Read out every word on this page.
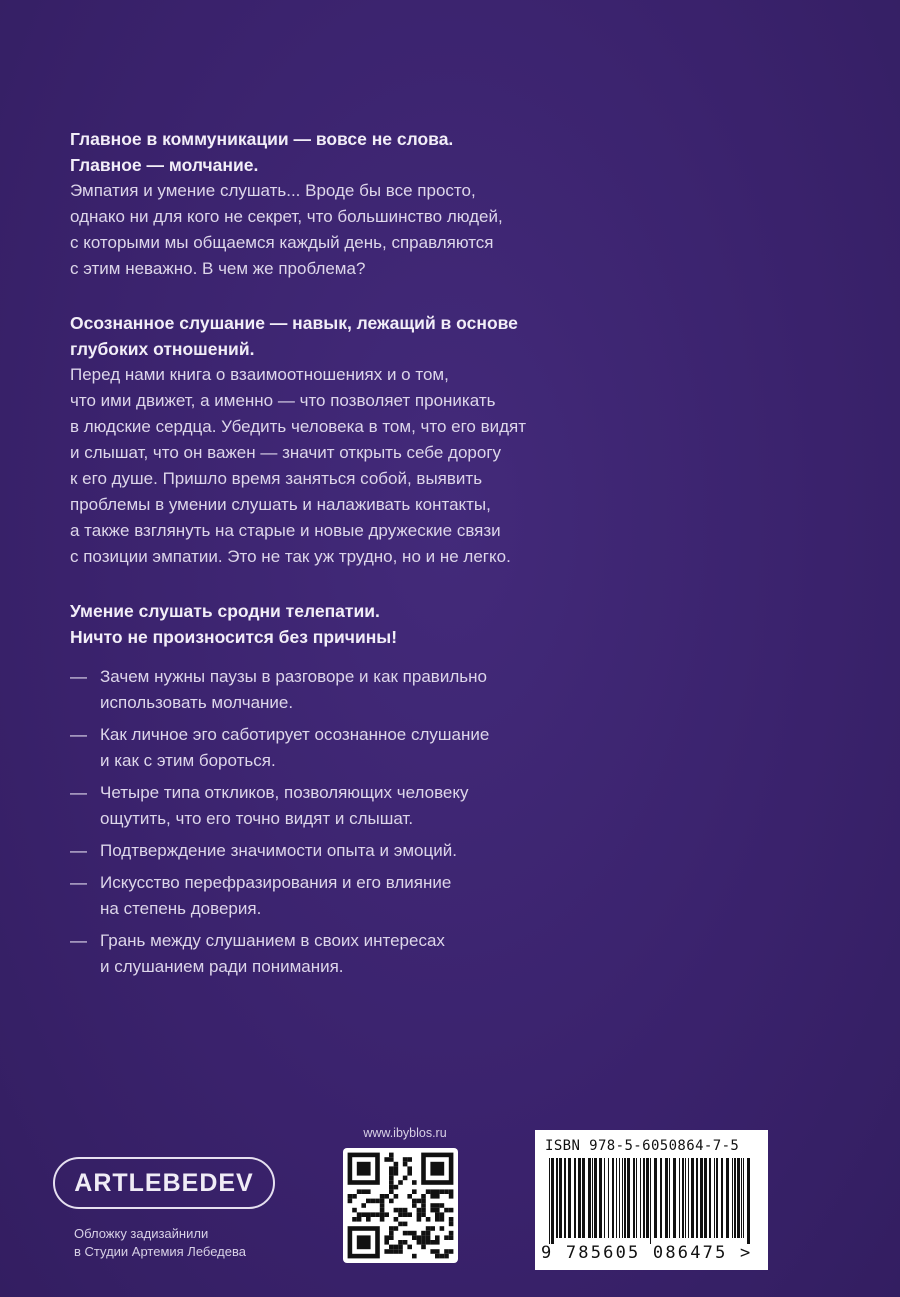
Главное в коммуникации — вовсе не слова.
Главное — молчание.
Эмпатия и умение слушать... Вроде бы все просто,
однако ни для кого не секрет, что большинство людей,
с которыми мы общаемся каждый день, справляются
с этим неважно. В чем же проблема?
Осознанное слушание — навык, лежащий в основе
глубоких отношений.
Перед нами книга о взаимоотношениях и о том,
что ими движет, а именно — что позволяет проникать
в людские сердца. Убедить человека в том, что его видят
и слышат, что он важен — значит открыть себе дорогу
к его душе. Пришло время заняться собой, выявить
проблемы в умении слушать и налаживать контакты,
а также взглянуть на старые и новые дружеские связи
с позиции эмпатии. Это не так уж трудно, но и не легко.
Умение слушать сродни телепатии.
Ничто не произносится без причины!
— Зачем нужны паузы в разговоре и как правильно
использовать молчание.
— Как личное эго саботирует осознанное слушание
и как с этим бороться.
— Четыре типа откликов, позволяющих человеку
ощутить, что его точно видят и слышат.
— Подтверждение значимости опыта и эмоций.
— Искусство перефразирования и его влияние
на степень доверия.
— Грань между слушанием в своих интересах
и слушанием ради понимания.
ARTLEBEDEV
Обложку задизайнили
в Студии Артемия Лебедева
www.ibyblos.ru
ISBN 978-5-6050864-7-5
9 785605 086475 >
